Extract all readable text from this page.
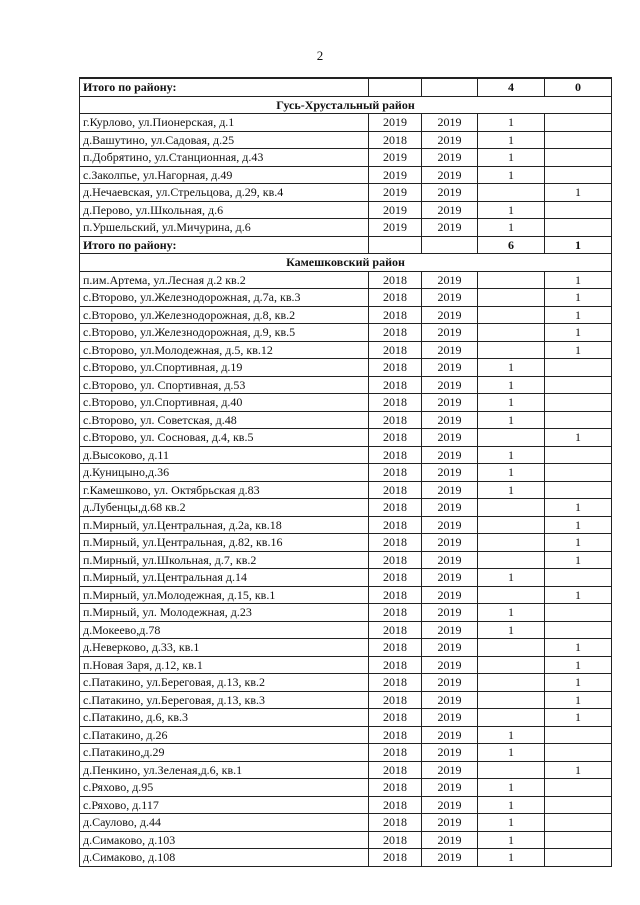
2
Итого по району:			4	0
Гусь-Хрустальный район				
г.Курлово, ул.Пионерская, д.1	2019	2019	1	
д.Вашутино, ул.Садовая, д.25	2018	2019	1	
п.Добрятино, ул.Станционная, д.43	2019	2019	1	
с.Заколпье, ул.Нагорная, д.49	2019	2019	1	
д.Нечаевская, ул.Стрельцова, д.29, кв.4	2019	2019		1
д.Перово, ул.Школьная, д.6	2019	2019	1	
п.Уршельский, ул.Мичурина, д.6	2019	2019	1	
Итого по району:			6	1
Камешковский район				
п.им.Артема, ул.Лесная д.2 кв.2	2018	2019		1
с.Второво, ул.Железнодорожная, д.7а, кв.3	2018	2019		1
с.Второво, ул.Железнодорожная, д.8, кв.2	2018	2019		1
с.Второво, ул.Железнодорожная, д.9, кв.5	2018	2019		1
с.Второво, ул.Молодежная, д.5, кв.12	2018	2019		1
с.Второво, ул.Спортивная, д.19	2018	2019	1	
с.Второво, ул. Спортивная, д.53	2018	2019	1	
с.Второво, ул.Спортивная, д.40	2018	2019	1	
с.Второво, ул. Советская, д.48	2018	2019	1	
с.Второво, ул. Сосновая, д.4, кв.5	2018	2019		1
д.Высоково, д.11	2018	2019	1	
д.Куницыно,д.36	2018	2019	1	
г.Камешково, ул. Октябрьская д.83	2018	2019	1	
д.Лубенцы,д.68 кв.2	2018	2019		1
п.Мирный, ул.Центральная, д.2а, кв.18	2018	2019		1
п.Мирный, ул.Центральная, д.82, кв.16	2018	2019		1
п.Мирный, ул.Школьная, д.7, кв.2	2018	2019		1
п.Мирный, ул.Центральная д.14	2018	2019	1	
п.Мирный, ул.Молодежная, д.15, кв.1	2018	2019		1
п.Мирный, ул. Молодежная, д.23	2018	2019	1	
д.Мокеево,д.78	2018	2019	1	
д.Неверково, д.33, кв.1	2018	2019		1
п.Новая Заря, д.12, кв.1	2018	2019		1
с.Патакино, ул.Береговая, д.13, кв.2	2018	2019		1
с.Патакино, ул.Береговая, д.13, кв.3	2018	2019		1
с.Патакино, д.6, кв.3	2018	2019		1
с.Патакино, д.26	2018	2019	1	
с.Патакино,д.29	2018	2019	1	
д.Пенкино, ул.Зеленая,д.6, кв.1	2018	2019		1
с.Ряхово, д.95	2018	2019	1	
с.Ряхово, д.117	2018	2019	1	
д.Саулово, д.44	2018	2019	1	
д.Симаково, д.103	2018	2019	1	
д.Симаково, д.108	2018	2019	1	
